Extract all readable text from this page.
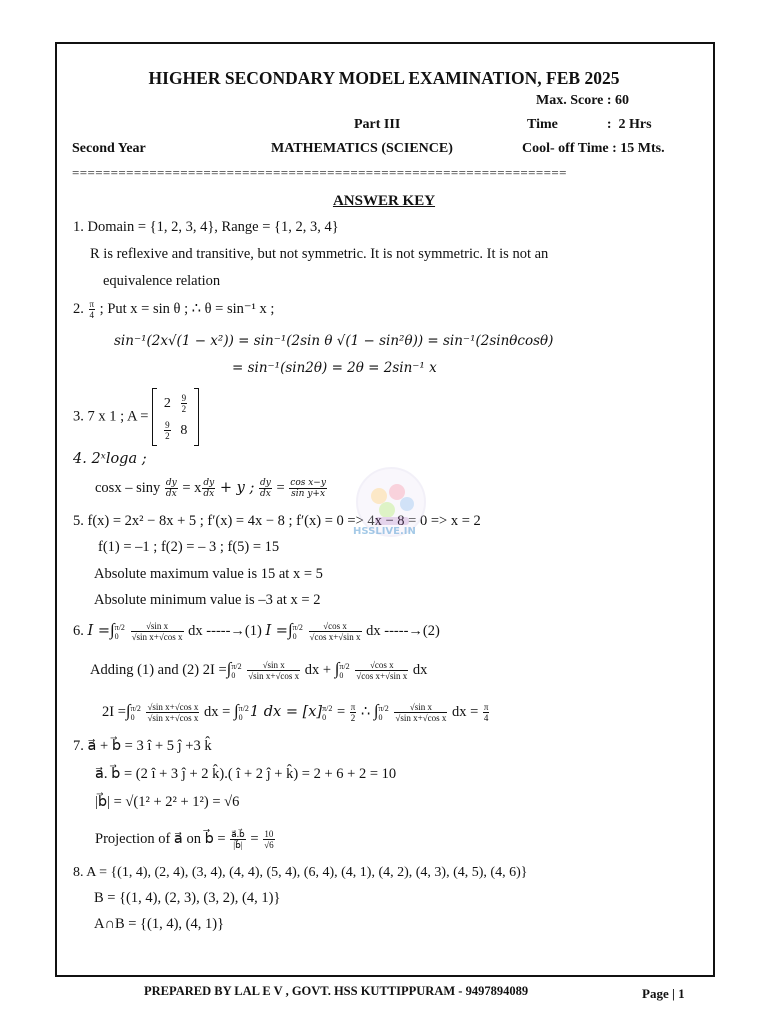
HIGHER SECONDARY MODEL EXAMINATION, FEB 2025
Max. Score : 60
Part III	Time              :  2 Hrs
Second Year	MATHEMATICS (SCIENCE)	Cool- off Time : 15 Mts.
================================================================
ANSWER KEY
1. Domain = {1, 2, 3, 4}, Range = {1, 2, 3, 4}
R is reflexive and transitive, but not symmetric. It is not symmetric. It is not an
equivalence relation
2. $\frac{\pi}{4}$ ; Put x = sin θ ; ∴ θ = sin⁻¹ x ;
sin⁻¹(2x√(1 − x²)) = sin⁻¹(2sin θ √(1 − sin²θ)) = sin⁻¹(2sinθcosθ)
= sin⁻¹(sin2θ) = 2θ = 2sin⁻¹ x
3. 7 x 1 ; A =
2	$\frac{9}{2}$

$\frac{9}{2}$	8
4. 2ˣloga ;
cosx – siny $\frac{dy}{dx} = x \frac{dy}{dx} + y$ ; $\frac{dy}{dx} = \frac{\text{cos x−y}}{\text{sin y+x}}$
5. f(x) = 2x² − 8x + 5 ; f′(x) = 4x − 8 ; f′(x) = 0 => 4x − 8 = 0 => x = 2
f(1) = –1 ; f(2) = – 3 ; f(5) = 15
Absolute maximum value is 15 at x = 5
Absolute minimum value is –3 at x = 2
6. I =∫π/2
$0 \frac{\text{√sin x}}{\text{√sin x+√cos x}}$ dx -----→(1) I =∫π/2
$0 \frac{\text{√cos x}}{\text{√cos x+√sin x}}$ dx -----→(2)
Adding (1) and (2) 2I =∫π/2
$0 \frac{\text{√sin x}}{\text{√sin x+√cos x}}$ dx + ∫π/2
$0 \frac{\text{√cos x}}{\text{√cos x+√sin x}}$ dx
2I =∫π/2
$0 \frac{\text{√sin x+√cos x}}{\text{√sin x+√cos x}}$ dx = ∫π/2
0 1 dx = [x]π/2
$0 = \frac{\pi}{2}$ ∴ ∫π/2
$0 \frac{\text{√sin x}}{\text{√sin x+√cos x}}$ dx = $\frac{\pi}{4}$
7. a⃗ + b⃗ = 3 î + 5 ĵ +3 k̂
a⃗. b⃗ = (2 î + 3 ĵ + 2 k̂).( î + 2 ĵ + k̂) = 2 + 6 + 2 = 10
|b⃗| = √(1² + 2² + 1²) = √6
Projection of a⃗ on b⃗ = $\frac{a⃗.b⃗}{|b⃗|} = \frac{10}{√6}$
8. A = {(1, 4), (2, 4), (3, 4), (4, 4), (5, 4), (6, 4), (4, 1), (4, 2), (4, 3), (4, 5), (4, 6)}
B = {(1, 4), (2, 3), (3, 2), (4, 1)}
A∩B = {(1, 4), (4, 1)}
HSSLIVE.IN
PREPARED BY LAL E V , GOVT. HSS KUTTIPPURAM - 9497894089	Page | 1
